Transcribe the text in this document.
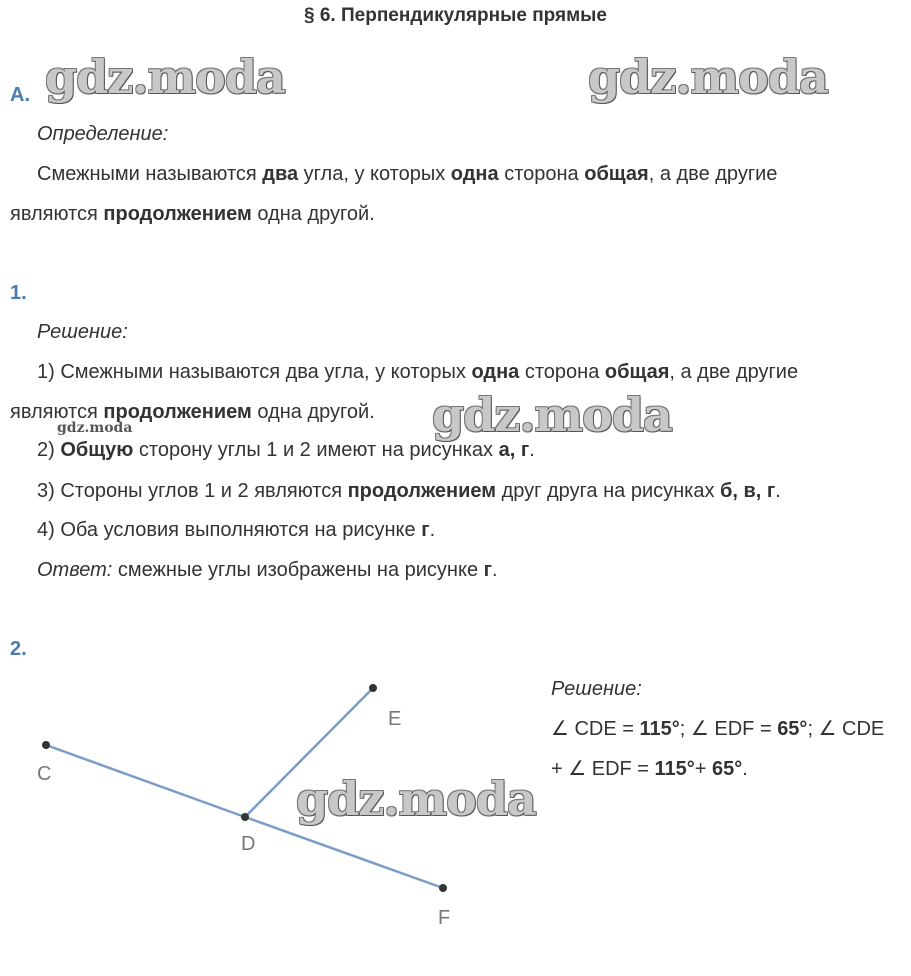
§ 6. Перпендикулярные прямые
gdz.moda	gdz.moda
А.
Определение:
Смежными называются два угла, у которых одна сторона общая, а две другие
являются продолжением одна другой.
1.
Решение:
1) Смежными называются два угла, у которых одна сторона общая, а две другие
являются продолжением одна другой. gdz.moda
gdz.moda
2) Общую сторону углы 1 и 2 имеют на рисунках а, г.
3) Стороны углов 1 и 2 являются продолжением друг друга на рисунках б, в, г.
4) Оба условия выполняются на рисунке г.
Ответ: смежные углы изображены на рисунке г.
2.
C
D
E
F
gdz.moda
Решение:
∠ CDE = 115°; ∠ EDF = 65°; ∠ CDE
+ ∠ EDF = 115°+ 65°.
